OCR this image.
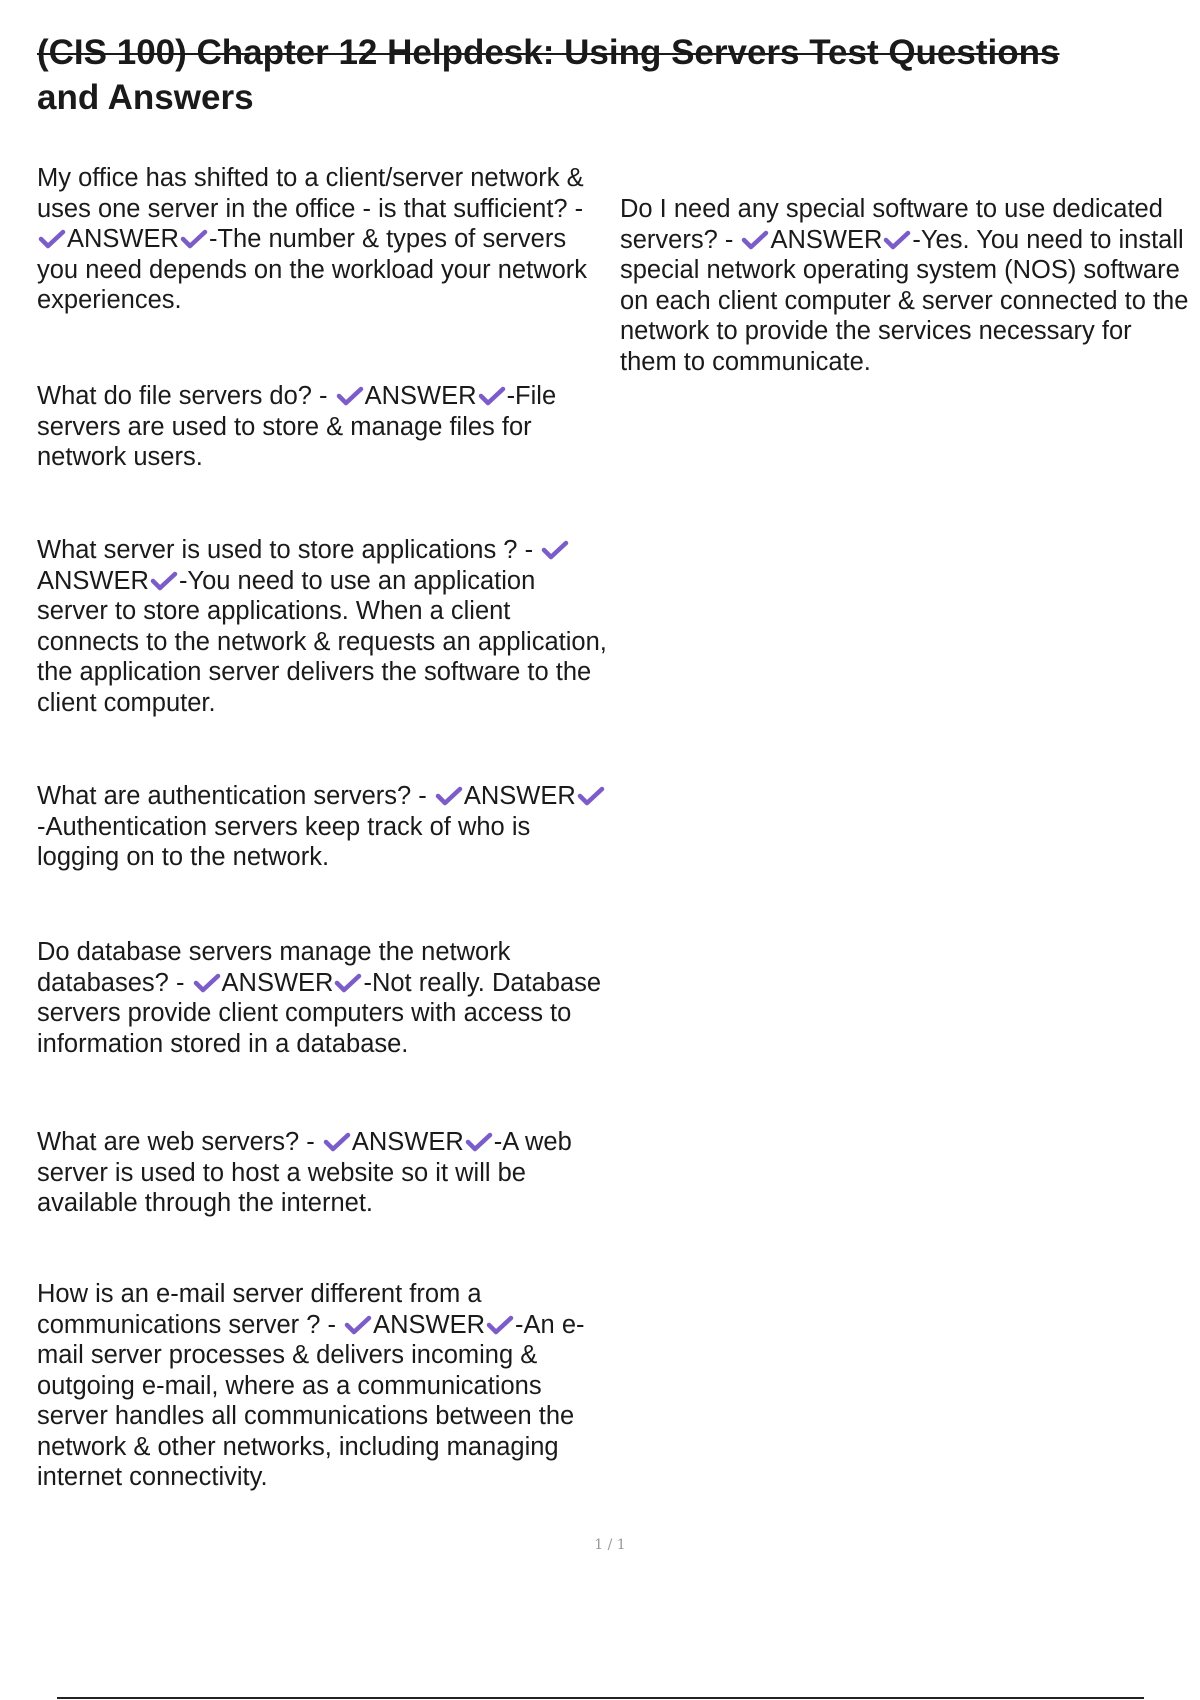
(CIS 100) Chapter 12 Helpdesk: Using Servers Test Questions
and Answers

My office has shifted to a client/server network & uses one server in the office - is that sufficient? -
ANSWER -The number & types of servers you need depends on the workload your network experiences.

What do file servers do? -
ANSWER -File servers are used to store & manage files for network users.

What server is used to store applications ? -
ANSWER -You need to use an application server to store applications. When a client connects to the network & requests an application, the application server delivers the software to the client computer.

What are authentication servers? -
ANSWER
-Authentication servers keep track of who is logging on to the network.

Do database servers manage the network databases? -
ANSWER -Not really. Database servers provide client computers with access to information stored in a database.

What are web servers? -
ANSWER -A web server is used to host a website so it will be available through the internet.

How is an e-mail server different from a communications server ? -
ANSWER -An e-mail server processes & delivers incoming & outgoing e-mail, where as a communications server handles all communications between the network & other networks, including managing internet connectivity.

Do I need any special software to use dedicated servers? -
ANSWER -Yes. You need to install special network operating system (NOS) software on each client computer & server connected to the network to provide the services necessary for them to communicate.

1 / 1
